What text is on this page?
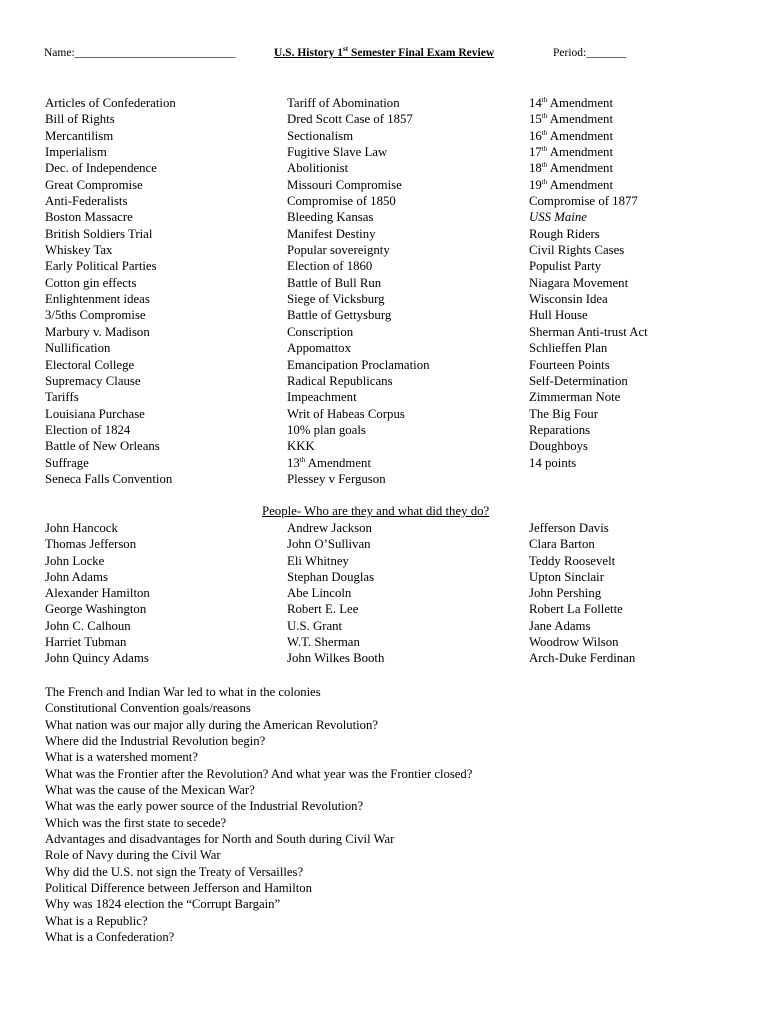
Name:____________________________	U.S. History 1st Semester Final Exam Review	Period:_______
Articles of Confederation
Bill of Rights
Mercantilism
Imperialism
Dec. of Independence
Great Compromise
Anti-Federalists
Boston Massacre
British Soldiers Trial
Whiskey Tax
Early Political Parties
Cotton gin effects
Enlightenment ideas
3/5ths Compromise
Marbury v. Madison
Nullification
Electoral College
Supremacy Clause
Tariffs
Louisiana Purchase
Election of 1824
Battle of New Orleans
Suffrage
Seneca Falls Convention
Tariff of Abomination
Dred Scott Case of 1857
Sectionalism
Fugitive Slave Law
Abolitionist
Missouri Compromise
Compromise of 1850
Bleeding Kansas
Manifest Destiny
Popular sovereignty
Election of 1860
Battle of Bull Run
Siege of Vicksburg
Battle of Gettysburg
Conscription
Appomattox
Emancipation Proclamation
Radical Republicans
Impeachment
Writ of Habeas Corpus
10% plan goals
KKK
13th Amendment
Plessey v Ferguson
14th Amendment
15th Amendment
16th Amendment
17th Amendment
18th Amendment
19th Amendment
Compromise of 1877
USS Maine
Rough Riders
Civil Rights Cases
Populist Party
Niagara Movement
Wisconsin Idea
Hull House
Sherman Anti-trust Act
Schlieffen Plan
Fourteen Points
Self-Determination
Zimmerman Note
The Big Four
Reparations
Doughboys
14 points
People- Who are they and what did they do?
John Hancock
Thomas Jefferson
John Locke
John Adams
Alexander Hamilton
George Washington
John C. Calhoun
Harriet Tubman
John Quincy Adams
Andrew Jackson
John O’Sullivan
Eli Whitney
Stephan Douglas
Abe Lincoln
Robert E. Lee
U.S. Grant
W.T. Sherman
John Wilkes Booth
Jefferson Davis
Clara Barton
Teddy Roosevelt
Upton Sinclair
John Pershing
Robert La Follette
Jane Adams
Woodrow Wilson
Arch-Duke Ferdinan
The French and Indian War led to what in the colonies
Constitutional Convention goals/reasons
What nation was our major ally during the American Revolution?
Where did the Industrial Revolution begin?
What is a watershed moment?
What was the Frontier after the Revolution? And what year was the Frontier closed?
What was the cause of the Mexican War?
What was the early power source of the Industrial Revolution?
Which was the first state to secede?
Advantages and disadvantages for North and South during Civil War
Role of Navy during the Civil War
Why did the U.S. not sign the Treaty of Versailles?
Political Difference between Jefferson and Hamilton
Why was 1824 election the “Corrupt Bargain”
What is a Republic?
What is a Confederation?
